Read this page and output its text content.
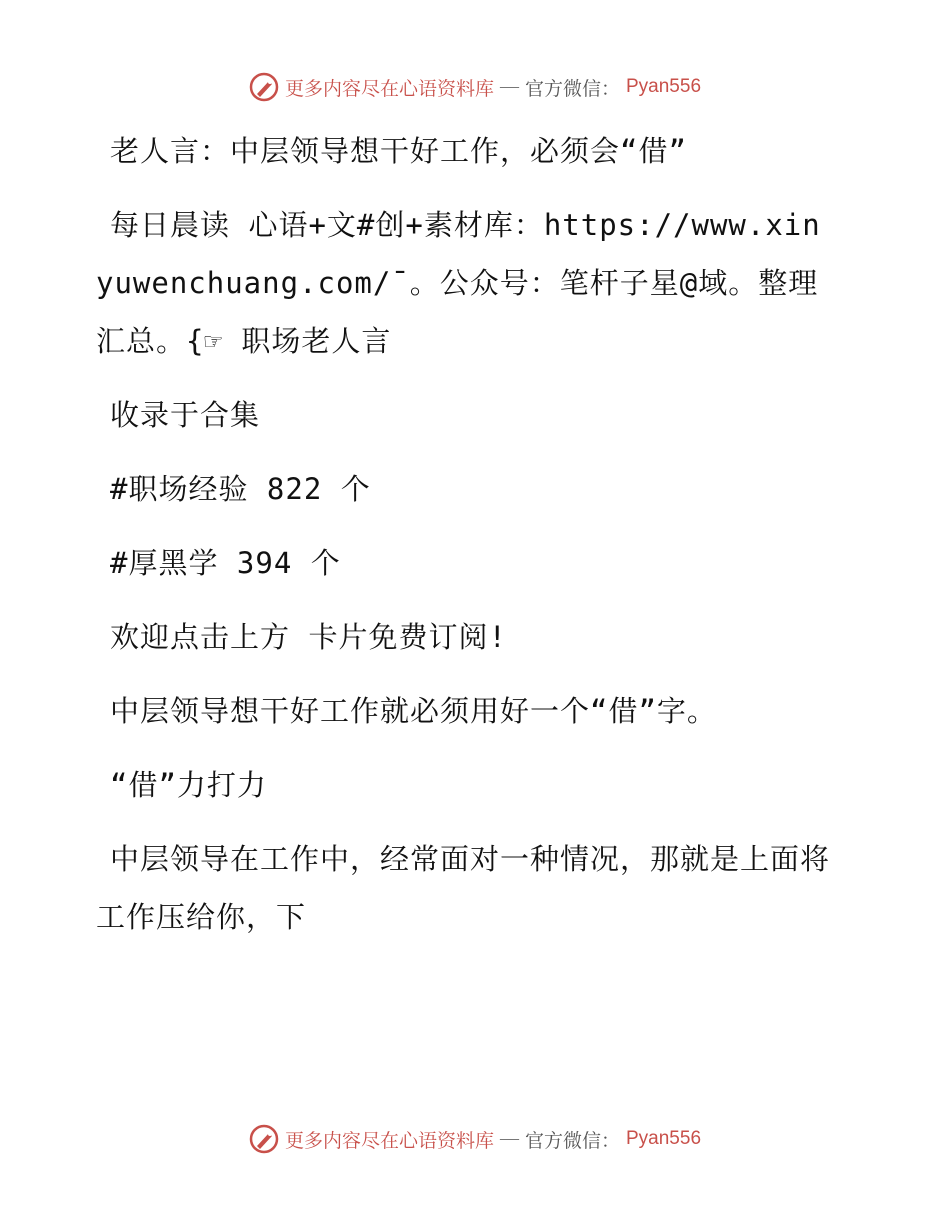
更多内容尽在心语资料库 — 官方微信： Pyan556

老人言：中层领导想干好工作，必须会“借”

每日晨读 心语+文#创+素材库：https://www.xinyuwenchuang.com/¯。公众号：笔杆子星@域。整理汇总。{☞ 职场老人言

收录于合集

#职场经验 822 个

#厚黑学 394 个

欢迎点击上方 卡片免费订阅!

中层领导想干好工作就必须用好一个“借”字。

“借”力打力

中层领导在工作中，经常面对一种情况，那就是上面将工作压给你，下

更多内容尽在心语资料库 — 官方微信： Pyan556
